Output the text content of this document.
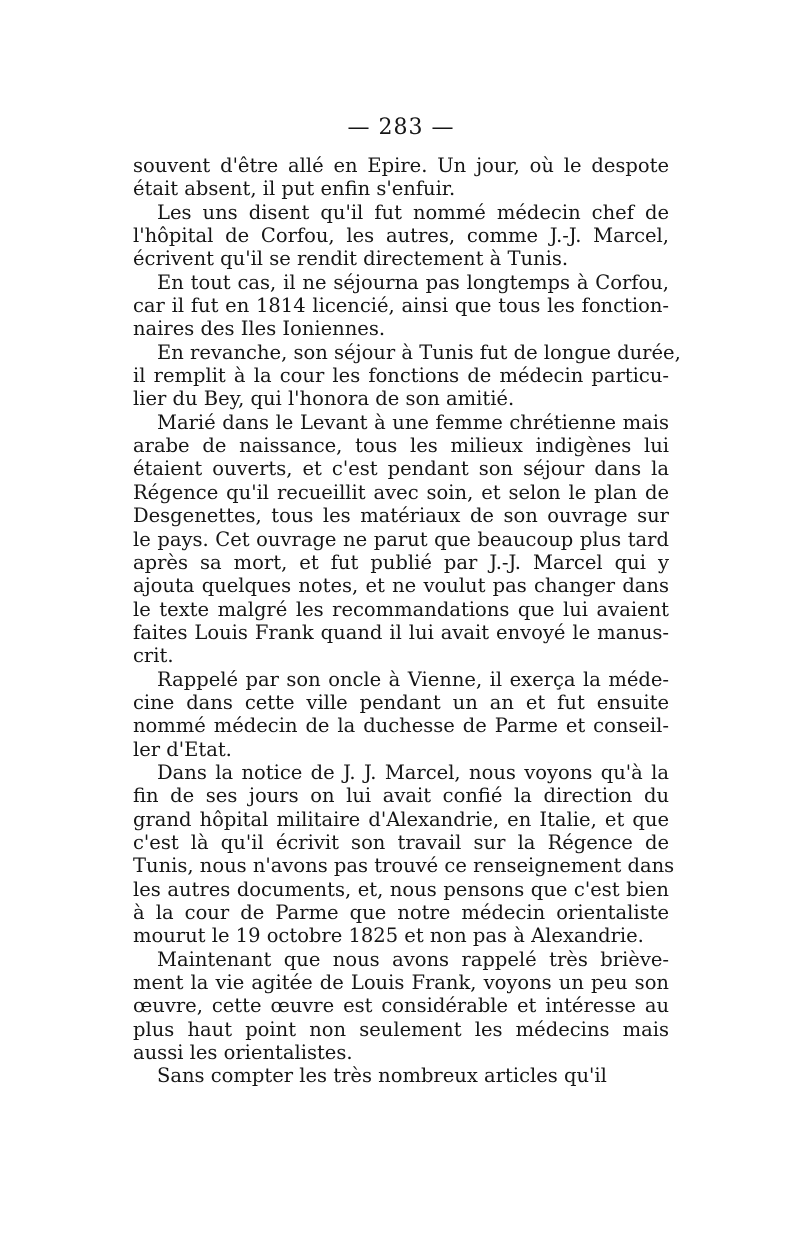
— 283 —
souvent d'être allé en Epire. Un jour, où le despote
était absent, il put enfin s'enfuir.
Les uns disent qu'il fut nommé médecin chef de
l'hôpital de Corfou, les autres, comme J.-J. Marcel,
écrivent qu'il se rendit directement à Tunis.
En tout cas, il ne séjourna pas longtemps à Corfou,
car il fut en 1814 licencié, ainsi que tous les fonction-
naires des Iles Ioniennes.
En revanche, son séjour à Tunis fut de longue durée,
il remplit à la cour les fonctions de médecin particu-
lier du Bey, qui l'honora de son amitié.
Marié dans le Levant à une femme chrétienne mais
arabe de naissance, tous les milieux indigènes lui
étaient ouverts, et c'est pendant son séjour dans la
Régence qu'il recueillit avec soin, et selon le plan de
Desgenettes, tous les matériaux de son ouvrage sur
le pays. Cet ouvrage ne parut que beaucoup plus tard
après sa mort, et fut publié par J.-J. Marcel qui y
ajouta quelques notes, et ne voulut pas changer dans
le texte malgré les recommandations que lui avaient
faites Louis Frank quand il lui avait envoyé le manus-
crit.
Rappelé par son oncle à Vienne, il exerça la méde-
cine dans cette ville pendant un an et fut ensuite
nommé médecin de la duchesse de Parme et conseil-
ler d'Etat.
Dans la notice de J. J. Marcel, nous voyons qu'à la
fin de ses jours on lui avait confié la direction du
grand hôpital militaire d'Alexandrie, en Italie, et que
c'est là qu'il écrivit son travail sur la Régence de
Tunis, nous n'avons pas trouvé ce renseignement dans
les autres documents, et, nous pensons que c'est bien
à la cour de Parme que notre médecin orientaliste
mourut le 19 octobre 1825 et non pas à Alexandrie.
Maintenant que nous avons rappelé très briève-
ment la vie agitée de Louis Frank, voyons un peu son
œuvre, cette œuvre est considérable et intéresse au
plus haut point non seulement les médecins mais
aussi les orientalistes.
Sans compter les très nombreux articles qu'il
